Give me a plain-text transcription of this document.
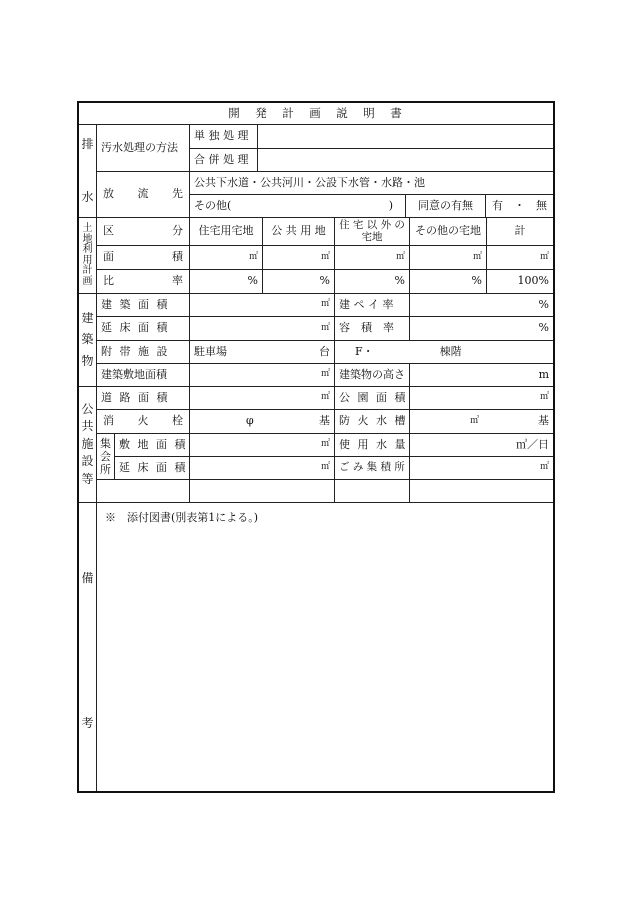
開　発　計　画　説　明　書
排
水
汚水処理の方法
単 独 処 理
合 併 処 理
放 流 先
公共下水道・公共河川・公設下水管・水路・池
その他(	)	同意の有無	有 ・ 無
土
地
利
用
計
画
区	分	住宅用宅地	公 共 用 地	住 宅 以 外 の 宅地	その他の宅地	計
面	積	㎡	㎡	㎡	㎡	㎡
比	率	%	%	%	%	100%
建
築
物
建 築 面 積	㎡ 建 ペ イ 率	%
延 床 面 積	㎡ 容　積　率	%
附 帯 施 設	駐車場	台 F・	棟階
建築敷地面積	㎡ 建築物の高さ	m
公
共
施
設
等
道 路 面 積	㎡ 公 園 面 積	㎡
消 火 栓	φ	基 防 火 水 槽	㎥	基
集
会
所
敷 地 面 積	㎡ 使 用 水 量	㎥／日
延 床 面 積	㎡ ご み 集 積 所	㎡
備
考
※　添付図書(別表第1による。)
